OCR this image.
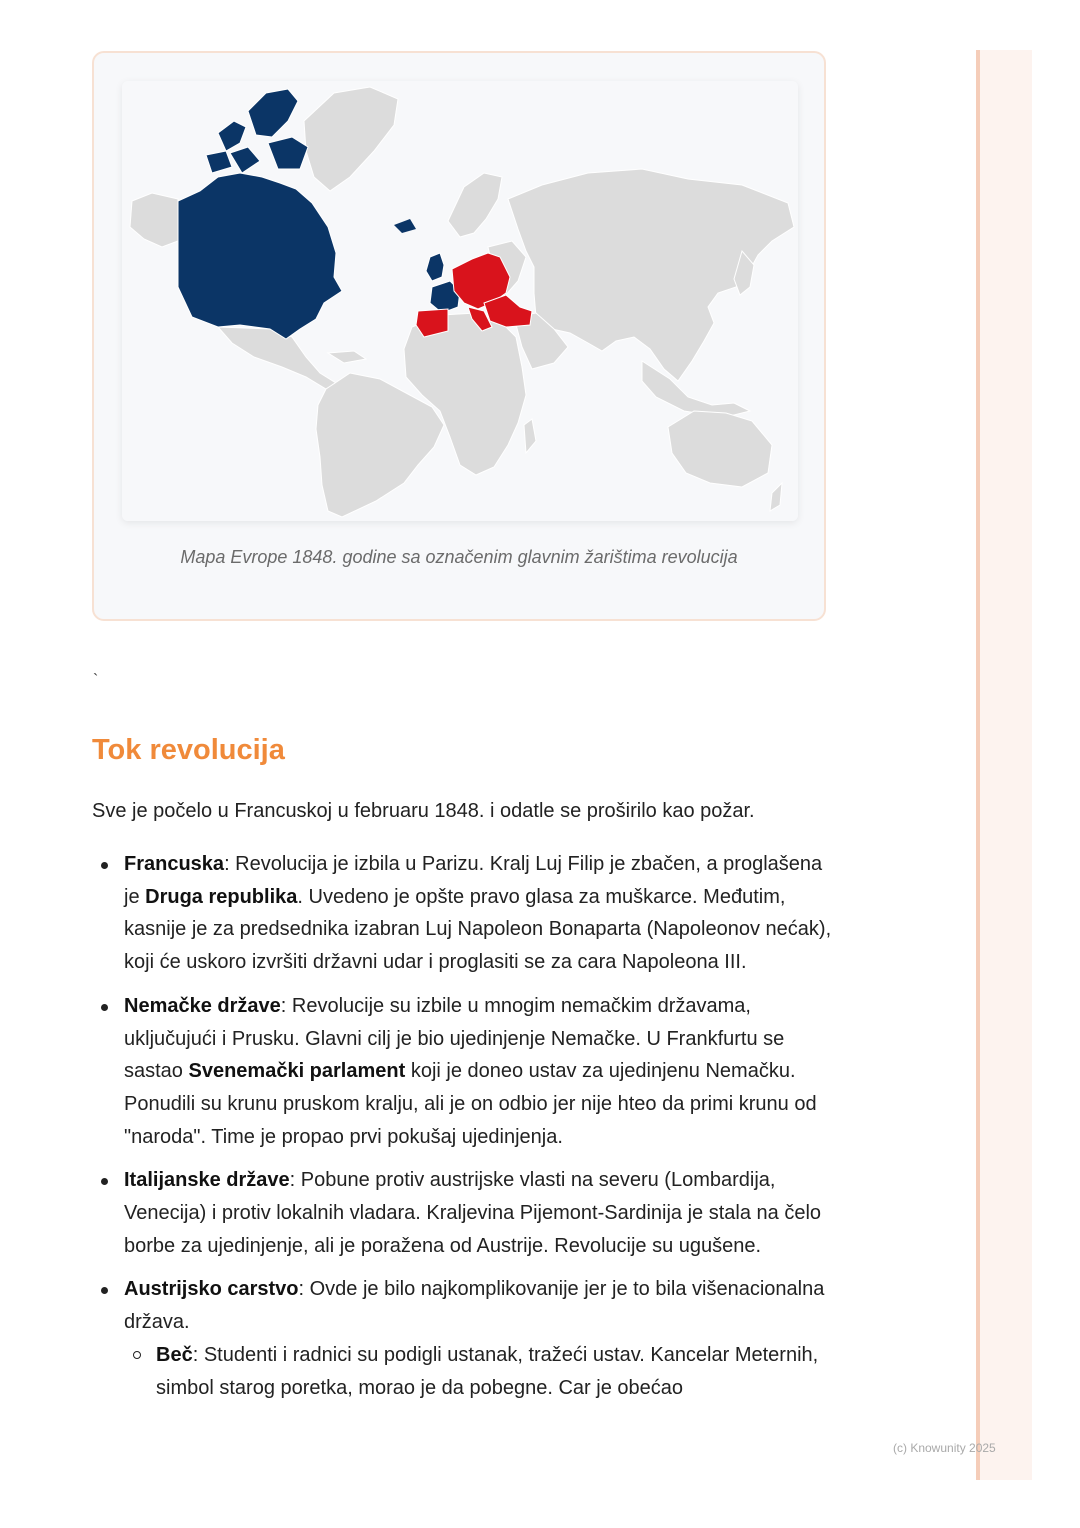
(c) Knowunity 2025
Mapa Evrope 1848. godine sa označenim glavnim žarištima revolucija
`
Tok revolucija

Sve je počelo u Francuskoj u februaru 1848. i odatle se proširilo kao požar.

Francuska: Revolucija je izbila u Parizu. Kralj Luj Filip je zbačen, a proglašena je Druga republika. Uvedeno je opšte pravo glasa za muškarce. Međutim, kasnije je za predsednika izabran Luj Napoleon Bonaparta (Napoleonov nećak), koji će uskoro izvršiti državni udar i proglasiti se za cara Napoleona III.
Nemačke države: Revolucije su izbile u mnogim nemačkim državama, uključujući i Prusku. Glavni cilj je bio ujedinjenje Nemačke. U Frankfurtu se sastao Svenemački parlament koji je doneo ustav za ujedinjenu Nemačku. Ponudili su krunu pruskom kralju, ali je on odbio jer nije hteo da primi krunu od "naroda". Time je propao prvi pokušaj ujedinjenja.
Italijanske države: Pobune protiv austrijske vlasti na severu (Lombardija, Venecija) i protiv lokalnih vladara. Kraljevina Pijemont-Sardinija je stala na čelo borbe za ujedinjenje, ali je poražena od Austrije. Revolucije su ugušene.
Austrijsko carstvo: Ovde je bilo najkomplikovanije jer je to bila višenacionalna država.
Beč: Studenti i radnici su podigli ustanak, tražeći ustav. Kancelar Meternih, simbol starog poretka, morao je da pobegne. Car je obećao
